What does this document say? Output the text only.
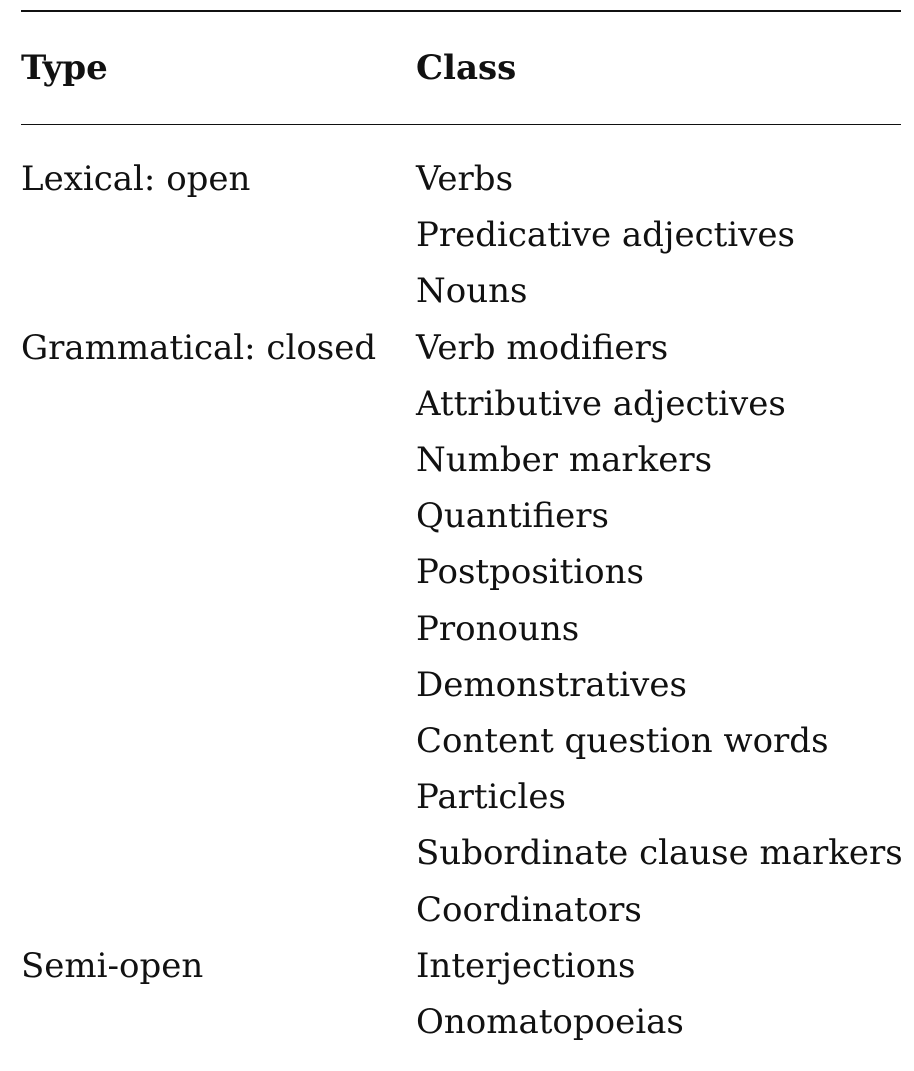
Type	Class
Lexical: open	Verbs
Predicative adjectives
Nouns
Grammatical: closed	Verb modifiers
Attributive adjectives
Number markers
Quantifiers
Postpositions
Pronouns
Demonstratives
Content question words
Particles
Subordinate clause markers
Coordinators
Semi-open	Interjections
Onomatopoeias
